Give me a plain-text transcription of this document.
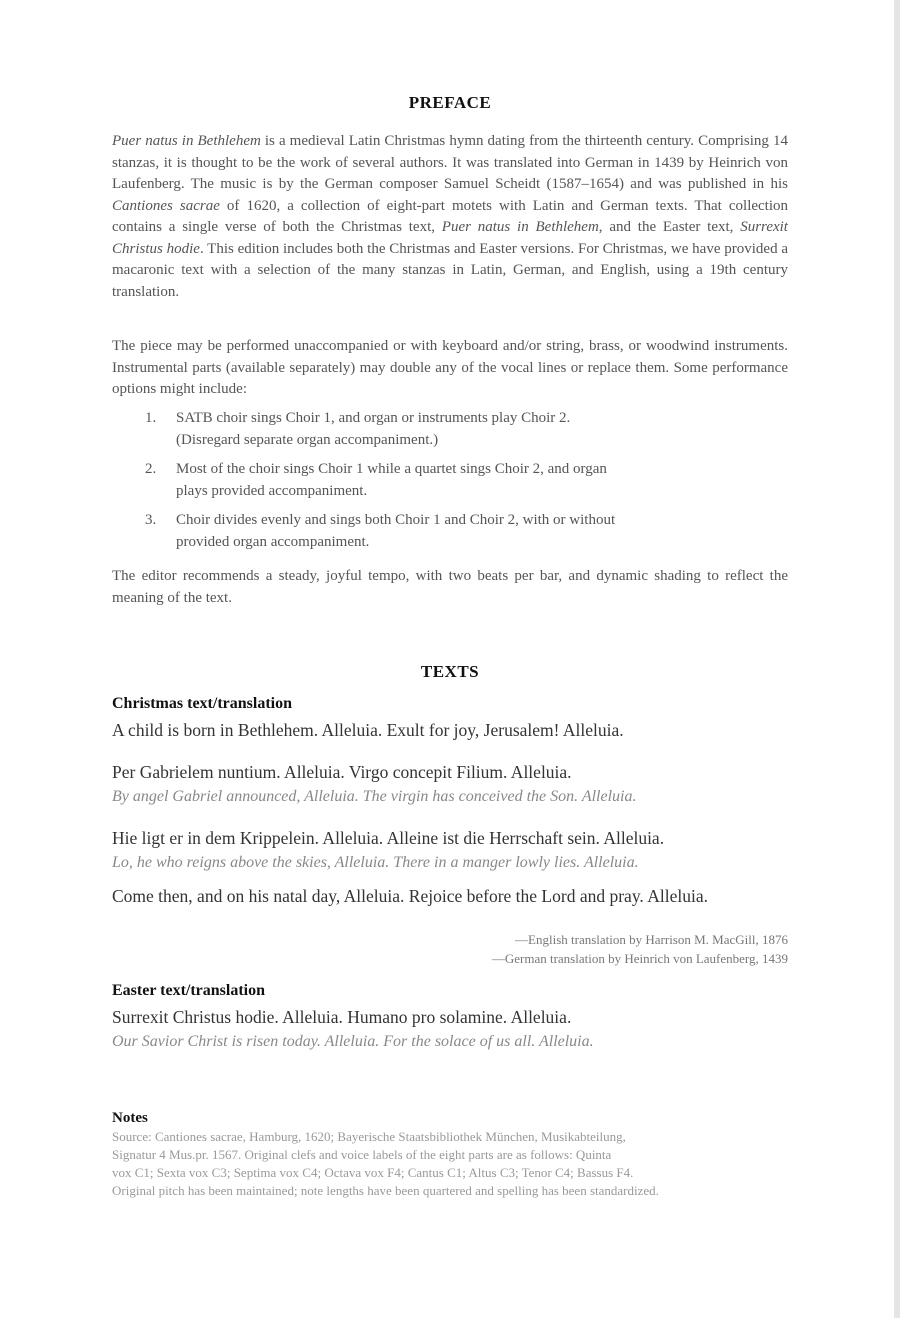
PREFACE

Puer natus in Bethlehem is a medieval Latin Christmas hymn dating from the thirteenth century. Comprising 14 stanzas, it is thought to be the work of several authors. It was translated into German in 1439 by Heinrich von Laufenberg. The music is by the German composer Samuel Scheidt (1587–1654) and was published in his Cantiones sacrae of 1620, a collection of eight-part motets with Latin and German texts. That collection contains a single verse of both the Christmas text, Puer natus in Bethlehem, and the Easter text, Surrexit Christus hodie. This edition includes both the Christmas and Easter versions. For Christmas, we have provided a macaronic text with a selection of the many stanzas in Latin, German, and English, using a 19th century translation.

The piece may be performed unaccompanied or with keyboard and/or string, brass, or woodwind instruments. Instrumental parts (available separately) may double any of the vocal lines or replace them. Some performance options might include:

1. SATB choir sings Choir 1, and organ or instruments play Choir 2.
(Disregard separate organ accompaniment.)
2. Most of the choir sings Choir 1 while a quartet sings Choir 2, and organ
plays provided accompaniment.
3. Choir divides evenly and sings both Choir 1 and Choir 2, with or without
provided organ accompaniment.

The editor recommends a steady, joyful tempo, with two beats per bar, and dynamic shading to reflect the meaning of the text.

TEXTS

Christmas text/translation

A child is born in Bethlehem. Alleluia. Exult for joy, Jerusalem! Alleluia.

Per Gabrielem nuntium. Alleluia. Virgo concepit Filium. Alleluia.

By angel Gabriel announced, Alleluia. The virgin has conceived the Son. Alleluia.

Hie ligt er in dem Krippelein. Alleluia. Alleine ist die Herrschaft sein. Alleluia.

Lo, he who reigns above the skies, Alleluia. There in a manger lowly lies. Alleluia.

Come then, and on his natal day, Alleluia. Rejoice before the Lord and pray. Alleluia.

—English translation by Harrison M. MacGill, 1876
—German translation by Heinrich von Laufenberg, 1439

Easter text/translation

Surrexit Christus hodie. Alleluia. Humano pro solamine. Alleluia.

Our Savior Christ is risen today. Alleluia. For the solace of us all. Alleluia.

Notes

Source: Cantiones sacrae, Hamburg, 1620; Bayerische Staatsbibliothek München, Musikabteilung,
Signatur 4 Mus.pr. 1567. Original clefs and voice labels of the eight parts are as follows: Quinta
vox C1; Sexta vox C3; Septima vox C4; Octava vox F4; Cantus C1; Altus C3; Tenor C4; Bassus F4.
Original pitch has been maintained; note lengths have been quartered and spelling has been standardized.
